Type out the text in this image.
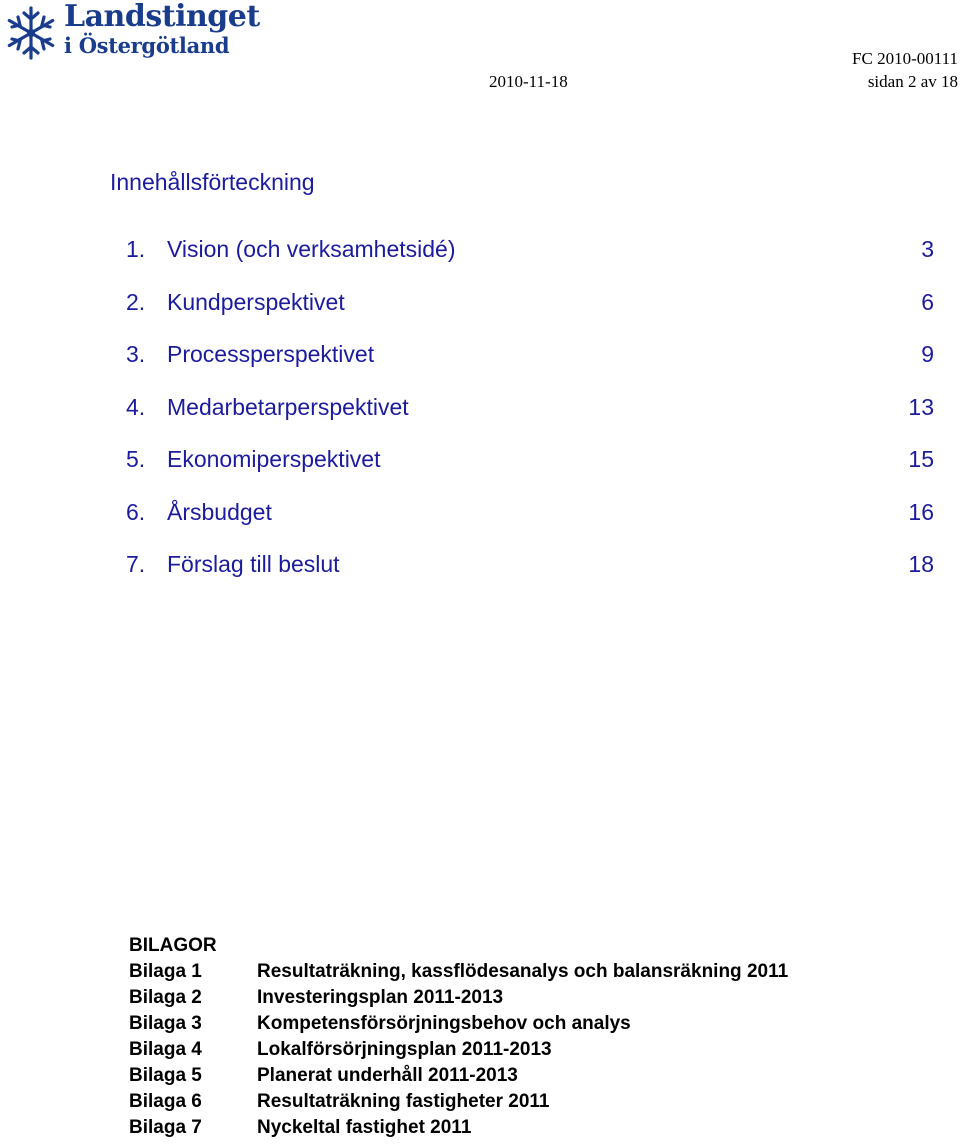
Landstinget
i Östergötland
FC 2010-00111
2010-11-18	sidan 2 av 18
Innehållsförteckning
1. Vision (och verksamhetsidé)	3
2. Kundperspektivet	6
3. Processperspektivet	9
4. Medarbetarperspektivet	13
5. Ekonomiperspektivet	15
6. Årsbudget	16
7. Förslag till beslut	18
BILAGOR
Bilaga 1	Resultaträkning, kassflödesanalys och balansräkning 2011
Bilaga 2	Investeringsplan 2011-2013
Bilaga 3	Kompetensförsörjningsbehov och analys
Bilaga 4	Lokalförsörjningsplan 2011-2013
Bilaga 5	Planerat underhåll 2011-2013
Bilaga 6	Resultaträkning fastigheter 2011
Bilaga 7	Nyckeltal fastighet 2011
